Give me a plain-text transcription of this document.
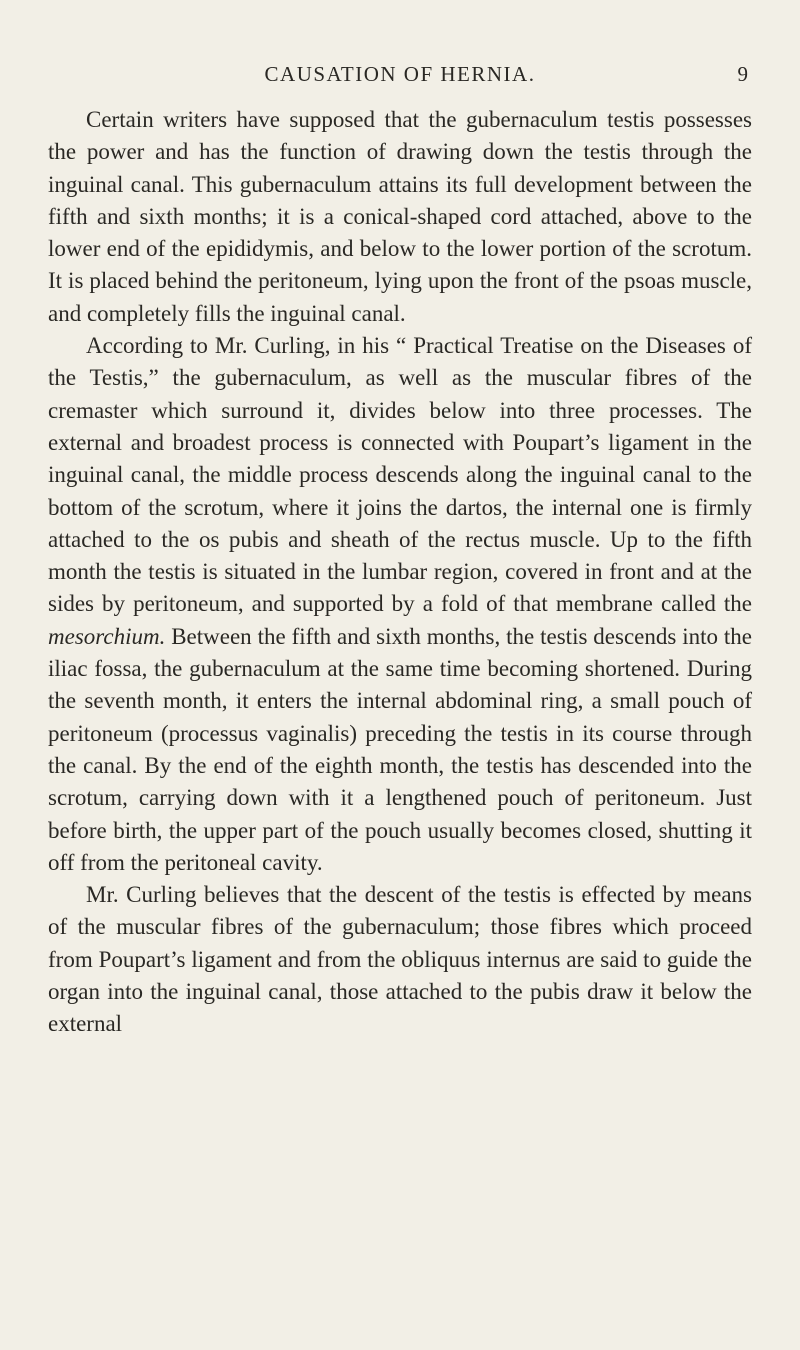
CAUSATION OF HERNIA.	9

Certain writers have supposed that the gubernaculum testis possesses the power and has the function of drawing down the testis through the inguinal canal. This gubernaculum attains its full development between the fifth and sixth months; it is a conical-shaped cord attached, above to the lower end of the epididymis, and below to the lower portion of the scrotum. It is placed behind the peritoneum, lying upon the front of the psoas muscle, and completely fills the inguinal canal.

According to Mr. Curling, in his “ Practical Treatise on the Diseases of the Testis,” the gubernaculum, as well as the muscular fibres of the cremaster which surround it, divides below into three processes. The external and broadest process is connected with Poupart’s ligament in the inguinal canal, the middle process descends along the inguinal canal to the bottom of the scrotum, where it joins the dartos, the internal one is firmly attached to the os pubis and sheath of the rectus muscle. Up to the fifth month the testis is situated in the lumbar region, covered in front and at the sides by peritoneum, and supported by a fold of that membrane called the mesorchium. Between the fifth and sixth months, the testis descends into the iliac fossa, the gubernaculum at the same time becoming shortened. During the seventh month, it enters the internal abdominal ring, a small pouch of peritoneum (processus vaginalis) preceding the testis in its course through the canal. By the end of the eighth month, the testis has descended into the scrotum, carrying down with it a lengthened pouch of peritoneum. Just before birth, the upper part of the pouch usually becomes closed, shutting it off from the peritoneal cavity.

Mr. Curling believes that the descent of the testis is effected by means of the muscular fibres of the gubernaculum; those fibres which proceed from Poupart’s ligament and from the obliquus internus are said to guide the organ into the inguinal canal, those attached to the pubis draw it below the external
